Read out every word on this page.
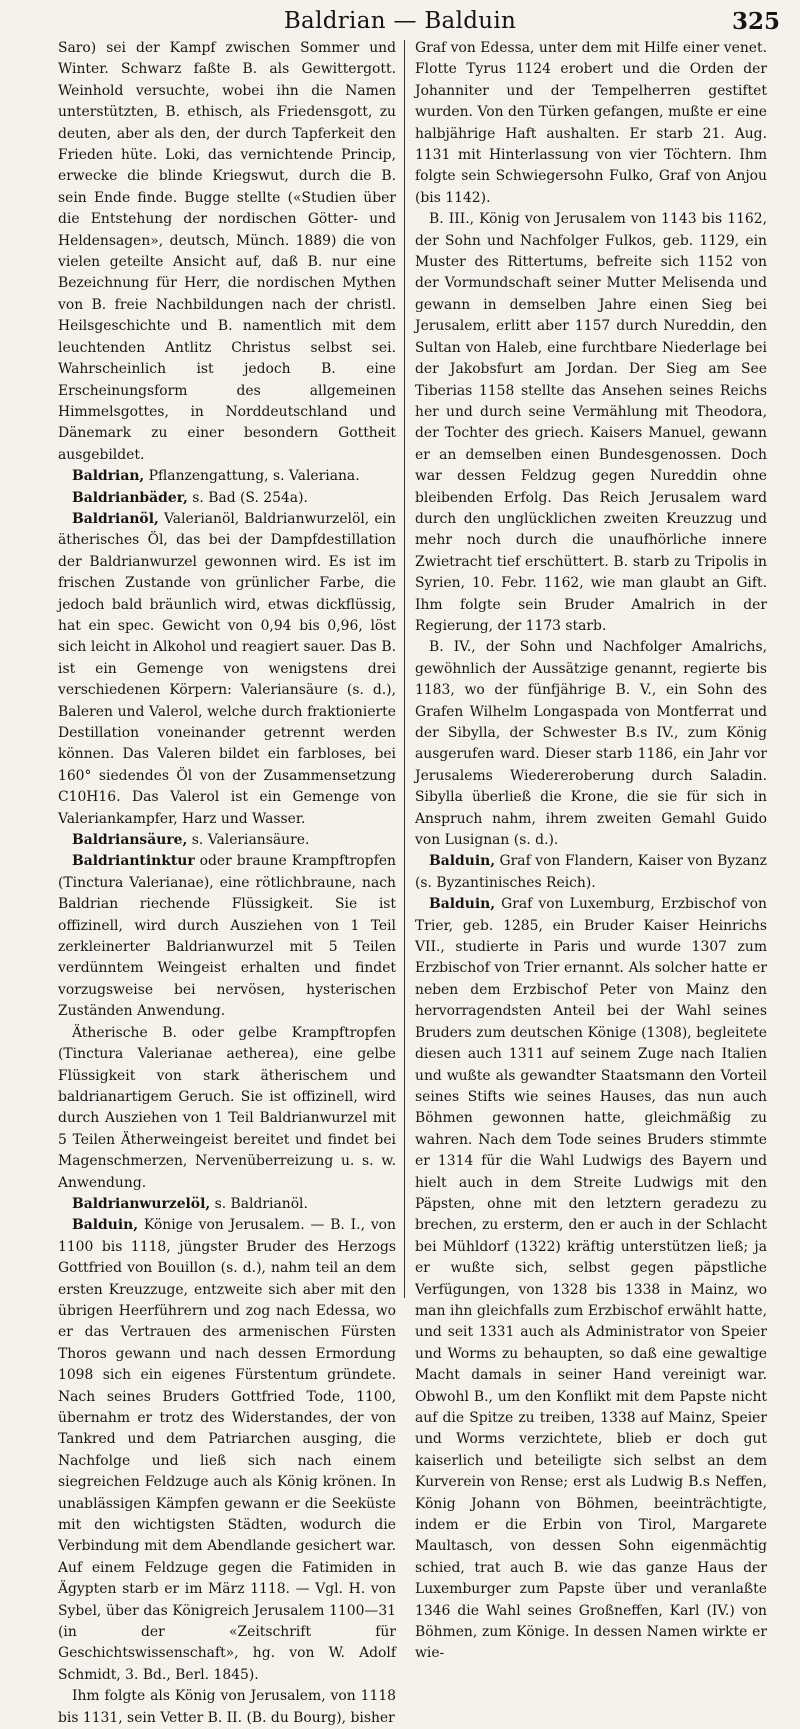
Baldrian — Balduin	325

Saro) sei der Kampf zwischen Sommer und Winter. Schwarz faßte B. als Gewittergott. Weinhold versuchte, wobei ihn die Namen unterstützten, B. ethisch, als Friedensgott, zu deuten, aber als den, der durch Tapferkeit den Frieden hüte. Loki, das vernichtende Princip, erwecke die blinde Kriegswut, durch die B. sein Ende finde. Bugge stellte («Studien über die Entstehung der nordischen Götter- und Heldensagen», deutsch, Münch. 1889) die von vielen geteilte Ansicht auf, daß B. nur eine Bezeichnung für Herr, die nordischen Mythen von B. freie Nachbildungen nach der christl. Heilsgeschichte und B. namentlich mit dem leuchtenden Antlitz Christus selbst sei. Wahrscheinlich ist jedoch B. eine Erscheinungsform des allgemeinen Himmelsgottes, in Norddeutschland und Dänemark zu einer besondern Gottheit ausgebildet.

Baldrian, Pflanzengattung, s. Valeriana.

Baldrianbäder, s. Bad (S. 254a).

Baldrianöl, Valerianöl, Baldrianwurzelöl, ein ätherisches Öl, das bei der Dampfdestillation der Baldrianwurzel gewonnen wird. Es ist im frischen Zustande von grünlicher Farbe, die jedoch bald bräunlich wird, etwas dickflüssig, hat ein spec. Gewicht von 0,94 bis 0,96, löst sich leicht in Alkohol und reagiert sauer. Das B. ist ein Gemenge von wenigstens drei verschiedenen Körpern: Valeriansäure (s. d.), Baleren und Valerol, welche durch fraktionierte Destillation voneinander getrennt werden können. Das Valeren bildet ein farbloses, bei 160° siedendes Öl von der Zusammensetzung C10H16. Das Valerol ist ein Gemenge von Valeriankampfer, Harz und Wasser.

Baldriansäure, s. Valeriansäure.

Baldriantinktur oder braune Krampftropfen (Tinctura Valerianae), eine rötlichbraune, nach Baldrian riechende Flüssigkeit. Sie ist offizinell, wird durch Ausziehen von 1 Teil zerkleinerter Baldrianwurzel mit 5 Teilen verdünntem Weingeist erhalten und findet vorzugsweise bei nervösen, hysterischen Zuständen Anwendung.

Ätherische B. oder gelbe Krampftropfen (Tinctura Valerianae aetherea), eine gelbe Flüssigkeit von stark ätherischem und baldrianartigem Geruch. Sie ist offizinell, wird durch Ausziehen von 1 Teil Baldrianwurzel mit 5 Teilen Ätherweingeist bereitet und findet bei Magenschmerzen, Nervenüberreizung u. s. w. Anwendung.

Baldrianwurzelöl, s. Baldrianöl.

Balduin, Könige von Jerusalem. — B. I., von 1100 bis 1118, jüngster Bruder des Herzogs Gottfried von Bouillon (s. d.), nahm teil an dem ersten Kreuzzuge, entzweite sich aber mit den übrigen Heerführern und zog nach Edessa, wo er das Vertrauen des armenischen Fürsten Thoros gewann und nach dessen Ermordung 1098 sich ein eigenes Fürstentum gründete. Nach seines Bruders Gottfried Tode, 1100, übernahm er trotz des Widerstandes, der von Tankred und dem Patriarchen ausging, die Nachfolge und ließ sich nach einem siegreichen Feldzuge auch als König krönen. In unablässigen Kämpfen gewann er die Seeküste mit den wichtigsten Städten, wodurch die Verbindung mit dem Abendlande gesichert war. Auf einem Feldzuge gegen die Fatimiden in Ägypten starb er im März 1118. — Vgl. H. von Sybel, über das Königreich Jerusalem 1100—31 (in der «Zeitschrift für Geschichtswissenschaft», hg. von W. Adolf Schmidt, 3. Bd., Berl. 1845).

Ihm folgte als König von Jerusalem, von 1118 bis 1131, sein Vetter B. II. (B. du Bourg), bisher

Graf von Edessa, unter dem mit Hilfe einer venet. Flotte Tyrus 1124 erobert und die Orden der Johanniter und der Tempelherren gestiftet wurden. Von den Türken gefangen, mußte er eine halbjährige Haft aushalten. Er starb 21. Aug. 1131 mit Hinterlassung von vier Töchtern. Ihm folgte sein Schwiegersohn Fulko, Graf von Anjou (bis 1142).

B. III., König von Jerusalem von 1143 bis 1162, der Sohn und Nachfolger Fulkos, geb. 1129, ein Muster des Rittertums, befreite sich 1152 von der Vormundschaft seiner Mutter Melisenda und gewann in demselben Jahre einen Sieg bei Jerusalem, erlitt aber 1157 durch Nureddin, den Sultan von Haleb, eine furchtbare Niederlage bei der Jakobsfurt am Jordan. Der Sieg am See Tiberias 1158 stellte das Ansehen seines Reichs her und durch seine Vermählung mit Theodora, der Tochter des griech. Kaisers Manuel, gewann er an demselben einen Bundesgenossen. Doch war dessen Feldzug gegen Nureddin ohne bleibenden Erfolg. Das Reich Jerusalem ward durch den unglücklichen zweiten Kreuzzug und mehr noch durch die unaufhörliche innere Zwietracht tief erschüttert. B. starb zu Tripolis in Syrien, 10. Febr. 1162, wie man glaubt an Gift. Ihm folgte sein Bruder Amalrich in der Regierung, der 1173 starb.

B. IV., der Sohn und Nachfolger Amalrichs, gewöhnlich der Aussätzige genannt, regierte bis 1183, wo der fünfjährige B. V., ein Sohn des Grafen Wilhelm Longaspada von Montferrat und der Sibylla, der Schwester B.s IV., zum König ausgerufen ward. Dieser starb 1186, ein Jahr vor Jerusalems Wiedereroberung durch Saladin. Sibylla überließ die Krone, die sie für sich in Anspruch nahm, ihrem zweiten Gemahl Guido von Lusignan (s. d.).

Balduin, Graf von Flandern, Kaiser von Byzanz (s. Byzantinisches Reich).

Balduin, Graf von Luxemburg, Erzbischof von Trier, geb. 1285, ein Bruder Kaiser Heinrichs VII., studierte in Paris und wurde 1307 zum Erzbischof von Trier ernannt. Als solcher hatte er neben dem Erzbischof Peter von Mainz den hervorragendsten Anteil bei der Wahl seines Bruders zum deutschen Könige (1308), begleitete diesen auch 1311 auf seinem Zuge nach Italien und wußte als gewandter Staatsmann den Vorteil seines Stifts wie seines Hauses, das nun auch Böhmen gewonnen hatte, gleichmäßig zu wahren. Nach dem Tode seines Bruders stimmte er 1314 für die Wahl Ludwigs des Bayern und hielt auch in dem Streite Ludwigs mit den Päpsten, ohne mit den letztern geradezu zu brechen, zu ersterm, den er auch in der Schlacht bei Mühldorf (1322) kräftig unterstützen ließ; ja er wußte sich, selbst gegen päpstliche Verfügungen, von 1328 bis 1338 in Mainz, wo man ihn gleichfalls zum Erzbischof erwählt hatte, und seit 1331 auch als Administrator von Speier und Worms zu behaupten, so daß eine gewaltige Macht damals in seiner Hand vereinigt war. Obwohl B., um den Konflikt mit dem Papste nicht auf die Spitze zu treiben, 1338 auf Mainz, Speier und Worms verzichtete, blieb er doch gut kaiserlich und beteiligte sich selbst an dem Kurverein von Rense; erst als Ludwig B.s Neffen, König Johann von Böhmen, beeinträchtigte, indem er die Erbin von Tirol, Margarete Maultasch, von dessen Sohn eigenmächtig schied, trat auch B. wie das ganze Haus der Luxemburger zum Papste über und veranlaßte 1346 die Wahl seines Großneffen, Karl (IV.) von Böhmen, zum Könige. In dessen Namen wirkte er wie-
